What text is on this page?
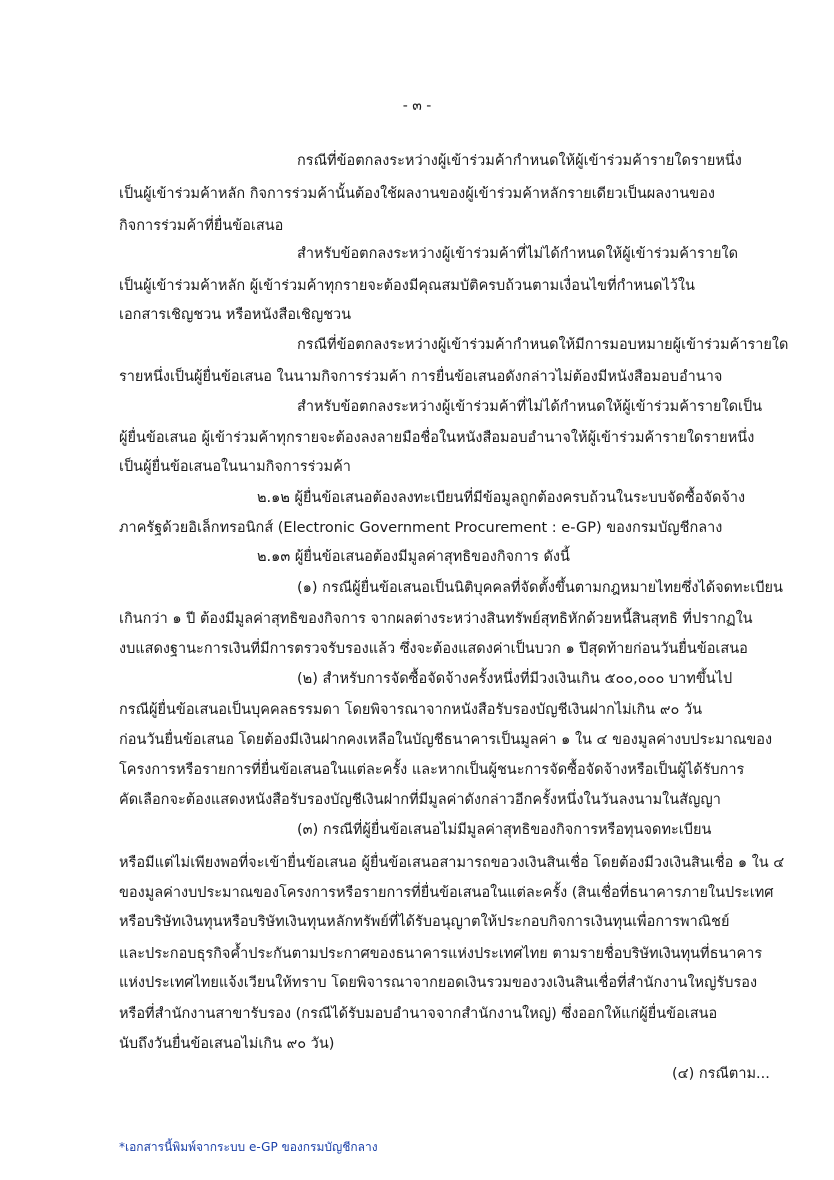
- ๓ -
กรณีที่ข้อตกลงระหว่างผู้เข้าร่วมค้ากำหนดให้ผู้เข้าร่วมค้ารายใดรายหนึ่ง
เป็นผู้เข้าร่วมค้าหลัก กิจการร่วมค้านั้นต้องใช้ผลงานของผู้เข้าร่วมค้าหลักรายเดียวเป็นผลงานของ
กิจการร่วมค้าที่ยื่นข้อเสนอ
สำหรับข้อตกลงระหว่างผู้เข้าร่วมค้าที่ไม่ได้กำหนดให้ผู้เข้าร่วมค้ารายใด
เป็นผู้เข้าร่วมค้าหลัก ผู้เข้าร่วมค้าทุกรายจะต้องมีคุณสมบัติครบถ้วนตามเงื่อนไขที่กำหนดไว้ใน
เอกสารเชิญชวน หรือหนังสือเชิญชวน
กรณีที่ข้อตกลงระหว่างผู้เข้าร่วมค้ากำหนดให้มีการมอบหมายผู้เข้าร่วมค้ารายใด
รายหนึ่งเป็นผู้ยื่นข้อเสนอ ในนามกิจการร่วมค้า การยื่นข้อเสนอดังกล่าวไม่ต้องมีหนังสือมอบอำนาจ
สำหรับข้อตกลงระหว่างผู้เข้าร่วมค้าที่ไม่ได้กำหนดให้ผู้เข้าร่วมค้ารายใดเป็น
ผู้ยื่นข้อเสนอ ผู้เข้าร่วมค้าทุกรายจะต้องลงลายมือชื่อในหนังสือมอบอำนาจให้ผู้เข้าร่วมค้ารายใดรายหนึ่ง
เป็นผู้ยื่นข้อเสนอในนามกิจการร่วมค้า
๒.๑๒ ผู้ยื่นข้อเสนอต้องลงทะเบียนที่มีข้อมูลถูกต้องครบถ้วนในระบบจัดซื้อจัดจ้าง
ภาครัฐด้วยอิเล็กทรอนิกส์ (Electronic Government Procurement : e-GP) ของกรมบัญชีกลาง
๒.๑๓ ผู้ยื่นข้อเสนอต้องมีมูลค่าสุทธิของกิจการ ดังนี้
(๑) กรณีผู้ยื่นข้อเสนอเป็นนิติบุคคลที่จัดตั้งขึ้นตามกฎหมายไทยซึ่งได้จดทะเบียน
เกินกว่า ๑ ปี ต้องมีมูลค่าสุทธิของกิจการ จากผลต่างระหว่างสินทรัพย์สุทธิหักด้วยหนี้สินสุทธิ ที่ปรากฏใน
งบแสดงฐานะการเงินที่มีการตรวจรับรองแล้ว ซึ่งจะต้องแสดงค่าเป็นบวก ๑ ปีสุดท้ายก่อนวันยื่นข้อเสนอ
(๒) สำหรับการจัดซื้อจัดจ้างครั้งหนึ่งที่มีวงเงินเกิน ๕๐๐,๐๐๐ บาทขึ้นไป
กรณีผู้ยื่นข้อเสนอเป็นบุคคลธรรมดา โดยพิจารณาจากหนังสือรับรองบัญชีเงินฝากไม่เกิน ๙๐ วัน
ก่อนวันยื่นข้อเสนอ โดยต้องมีเงินฝากคงเหลือในบัญชีธนาคารเป็นมูลค่า ๑ ใน ๔ ของมูลค่างบประมาณของ
โครงการหรือรายการที่ยื่นข้อเสนอในแต่ละครั้ง และหากเป็นผู้ชนะการจัดซื้อจัดจ้างหรือเป็นผู้ได้รับการ
คัดเลือกจะต้องแสดงหนังสือรับรองบัญชีเงินฝากที่มีมูลค่าดังกล่าวอีกครั้งหนึ่งในวันลงนามในสัญญา
(๓) กรณีที่ผู้ยื่นข้อเสนอไม่มีมูลค่าสุทธิของกิจการหรือทุนจดทะเบียน
หรือมีแต่ไม่เพียงพอที่จะเข้ายื่นข้อเสนอ ผู้ยื่นข้อเสนอสามารถขอวงเงินสินเชื่อ โดยต้องมีวงเงินสินเชื่อ ๑ ใน ๔
ของมูลค่างบประมาณของโครงการหรือรายการที่ยื่นข้อเสนอในแต่ละครั้ง (สินเชื่อที่ธนาคารภายในประเทศ
หรือบริษัทเงินทุนหรือบริษัทเงินทุนหลักทรัพย์ที่ได้รับอนุญาตให้ประกอบกิจการเงินทุนเพื่อการพาณิชย์
และประกอบธุรกิจค้ำประกันตามประกาศของธนาคารแห่งประเทศไทย ตามรายชื่อบริษัทเงินทุนที่ธนาคาร
แห่งประเทศไทยแจ้งเวียนให้ทราบ โดยพิจารณาจากยอดเงินรวมของวงเงินสินเชื่อที่สำนักงานใหญ่รับรอง
หรือที่สำนักงานสาขารับรอง (กรณีได้รับมอบอำนาจจากสำนักงานใหญ่) ซึ่งออกให้แก่ผู้ยื่นข้อเสนอ
นับถึงวันยื่นข้อเสนอไม่เกิน ๙๐ วัน)
(๔) กรณีตาม...
*เอกสารนี้พิมพ์จากระบบ e-GP ของกรมบัญชีกลาง
